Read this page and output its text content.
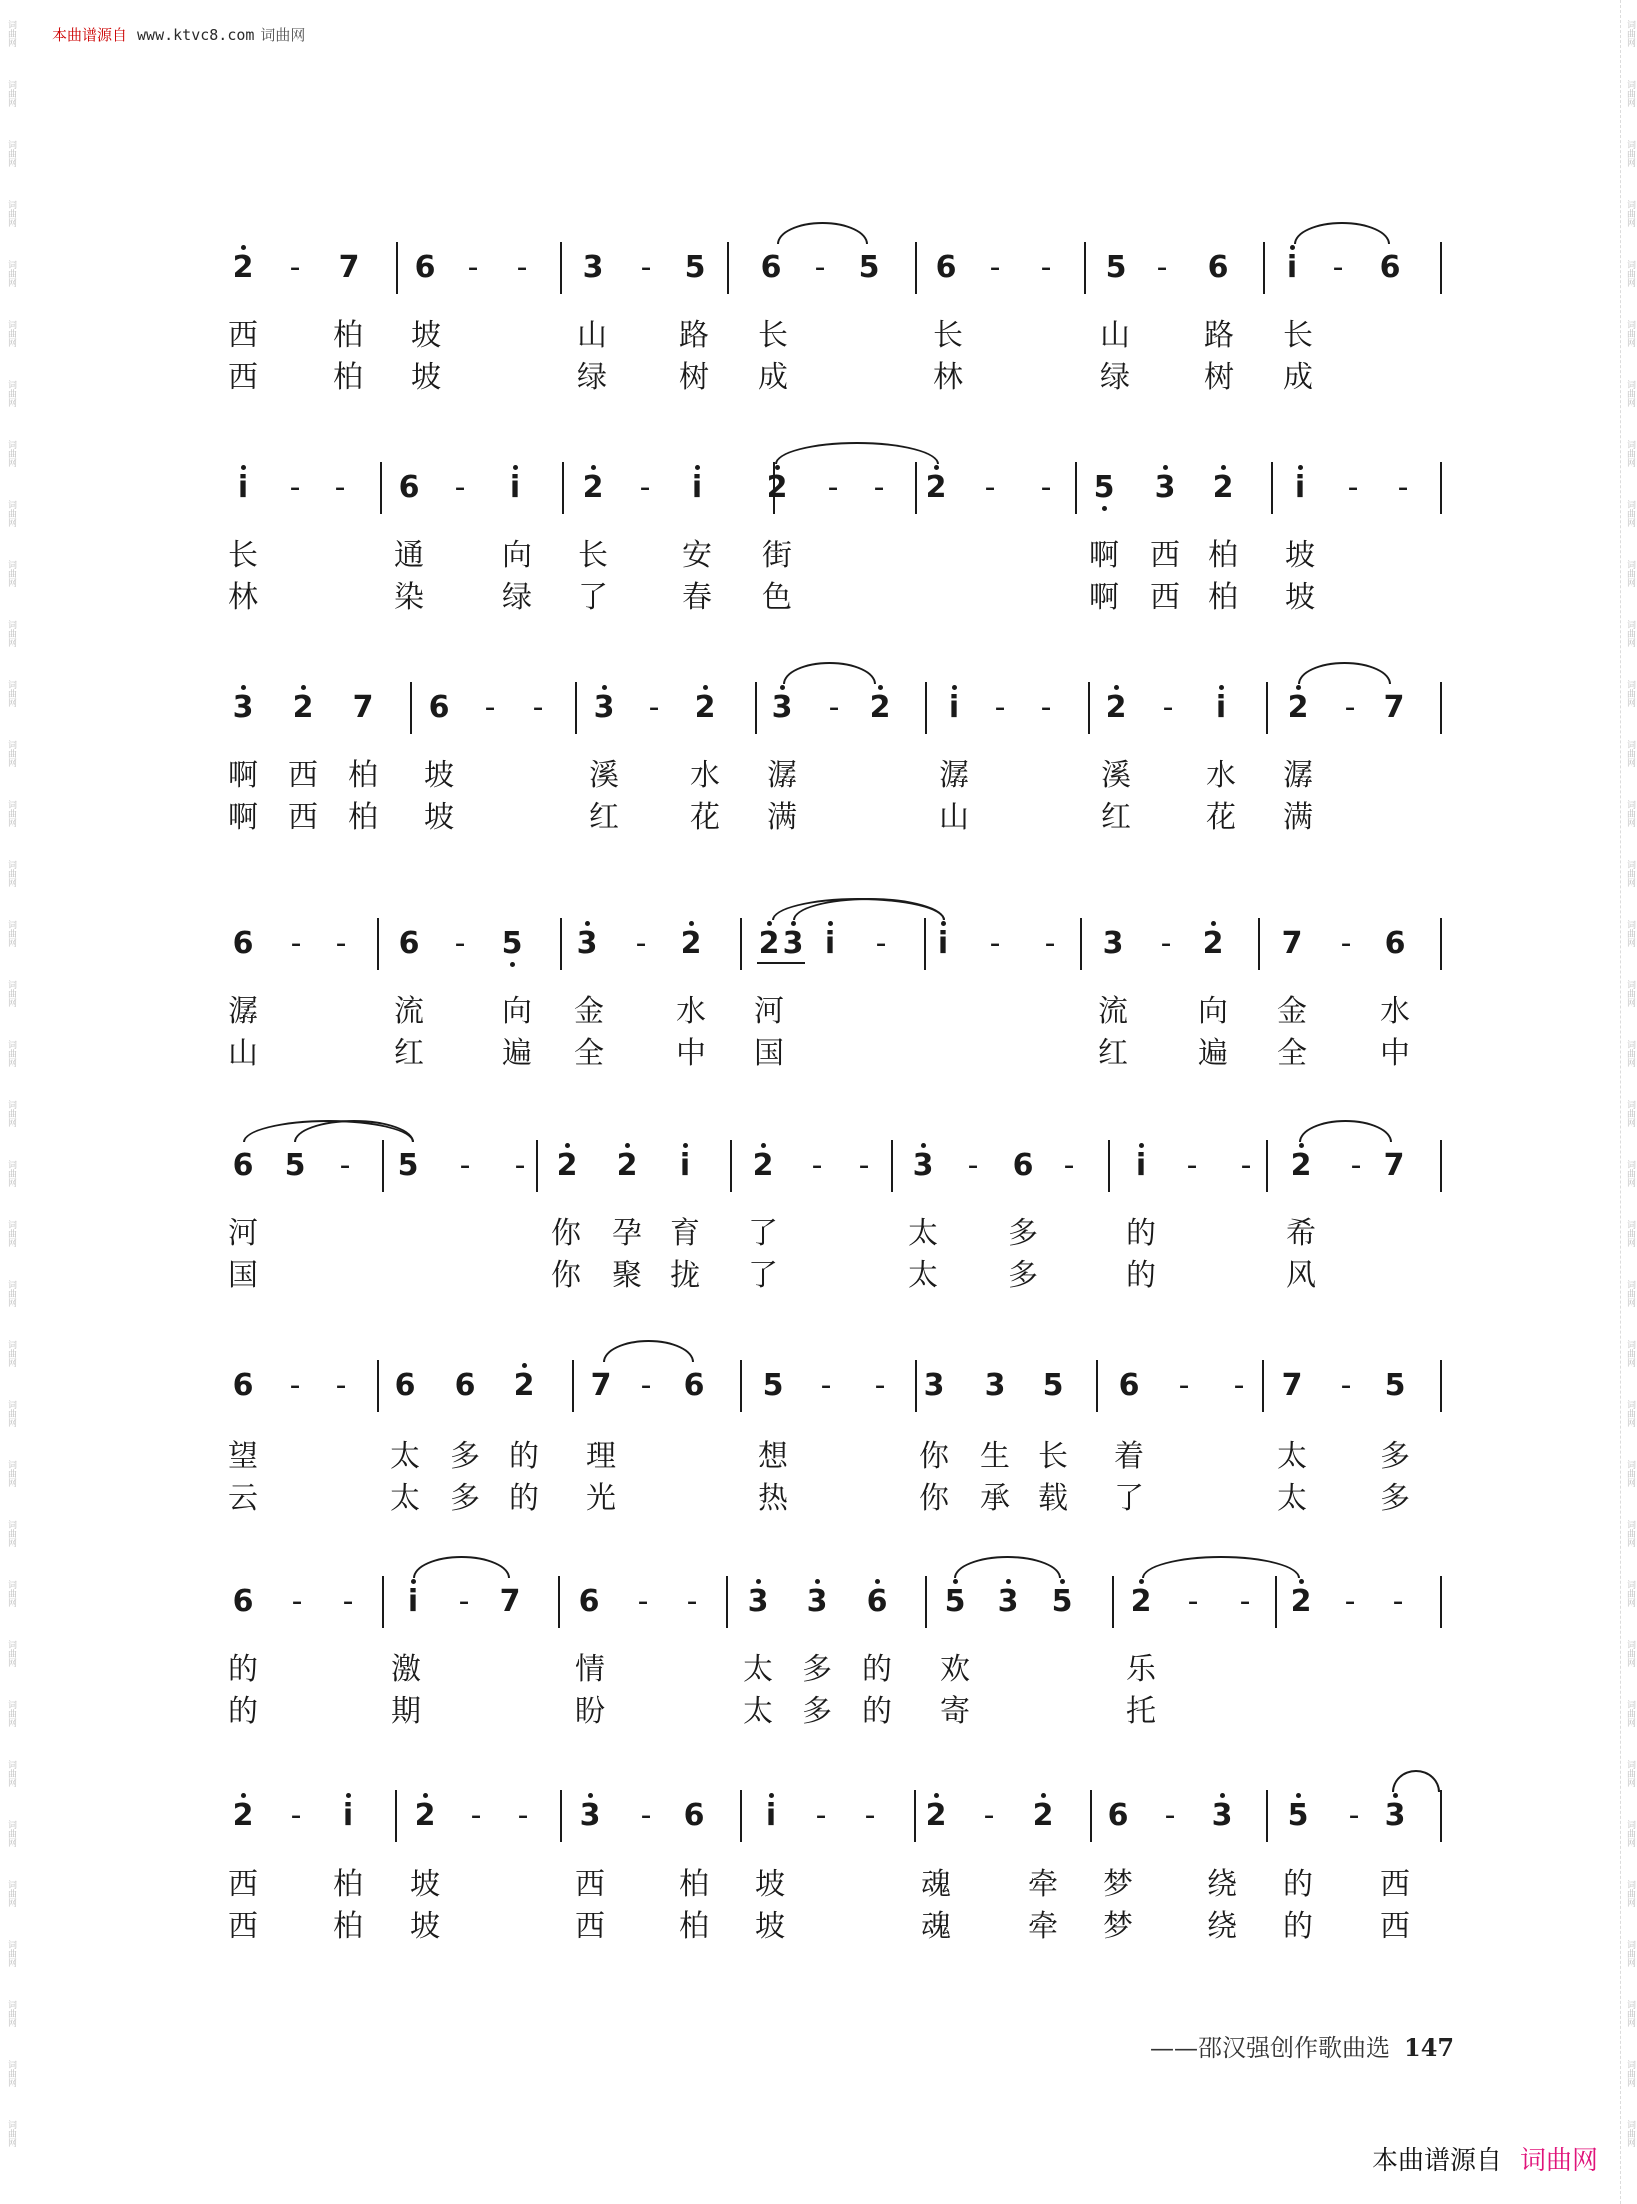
本曲谱源自 www.ktvc8.com 词曲网
词曲网
词曲网
词曲网
词曲网
词曲网
词曲网
词曲网
词曲网
词曲网
词曲网
词曲网
词曲网
词曲网
词曲网
词曲网
词曲网
词曲网
词曲网
词曲网
词曲网
词曲网
词曲网
词曲网
词曲网
词曲网
词曲网
词曲网
词曲网
词曲网
词曲网
词曲网
词曲网
词曲网
词曲网
词曲网
词曲网
词曲网
词曲网
词曲网
词曲网
词曲网
词曲网
词曲网
词曲网
词曲网
词曲网
词曲网
词曲网
词曲网
词曲网
词曲网
词曲网
词曲网
词曲网
词曲网
词曲网
词曲网
词曲网
词曲网
词曲网
词曲网
词曲网
词曲网
词曲网
词曲网
词曲网
词曲网
词曲网
词曲网
词曲网
词曲网
词曲网
2	-	7 6	-	-	3	-	5 6	-	5 6	-	-	5	-	6	i	-	6
西	柏 坡	山 路 长	长	山 路 长
西	柏 坡	绿 树 成	林	绿 树 成
i	-	-	6	-	i	2	-	i	2	-	-	2	-	-	5 3 2	i	-	-
长	通	向 长 安 街	啊 西 柏 坡
林	染	绿 了 春 色	啊 西 柏 坡
3 2 7 6	-	-	3	-	2 3	-	2	i	-	-	2	-	i	2	- 7
啊 西 柏 坡	溪 水 潺	潺	溪	水 潺
啊 西 柏 坡	红 花 满	山	红	花 满
6	-	-	6	-	5 3	-	2 2 3 i	-	i	-	-	3	-	2 7	-	6
潺	流	向 金 水 河	流 向 金 水
山	红	遍 全 中 国	红 遍 全 中
6 5	-	5	-	-	2 2	i	2	-	-	3	-	6	-	i	-	-	2	- 7
河	你 孕 育 了	太 多	的	希
国	你 聚 拢 了	太 多	的	风
6	-	-	6 6 2 7 -	6 5	-	-	3 3 5 6	-	-	7	-	5
望	太 多 的 理	想	你 生 长 着	太 多
云	太 多 的 光	热	你 承 载 了	太 多
6	-	-	i	-	7 6	-	-	3 3 6 5 3 5 2	-	-	2	-	-
的	激	情	太 多 的 欢	乐
的	期	盼	太 多 的 寄	托
2	-	i	2	-	-	3	-	6	i	-	-	2	-	2 6	-	3 5	- 3
西	柏 坡	西 柏 坡	魂	牵 梦 绕 的 西
西	柏 坡	西 柏 坡	魂	牵 梦 绕 的 西
——邵汉强创作歌曲选 147
本曲谱源自 词曲网
